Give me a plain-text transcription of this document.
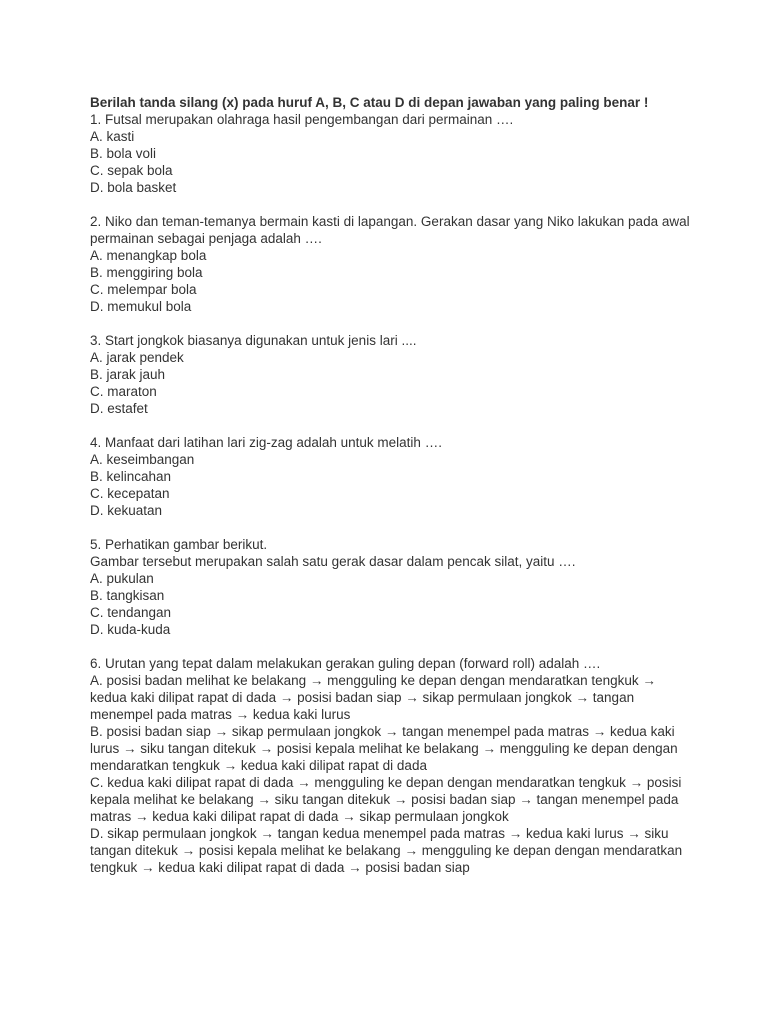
Berilah tanda silang (x) pada huruf A, B, C atau D di depan jawaban yang paling benar !

1. Futsal merupakan olahraga hasil pengembangan dari permainan ….
A. kasti
B. bola voli
C. sepak bola
D. bola basket
2. Niko dan teman-temanya bermain kasti di lapangan. Gerakan dasar yang Niko lakukan pada awal permainan sebagai penjaga adalah ….
A. menangkap bola
B. menggiring bola
C. melempar bola
D. memukul bola
3. Start jongkok biasanya digunakan untuk jenis lari ....
A. jarak pendek
B. jarak jauh
C. maraton
D. estafet
4. Manfaat dari latihan lari zig-zag adalah untuk melatih ….
A. keseimbangan
B. kelincahan
C. kecepatan
D. kekuatan
5. Perhatikan gambar berikut.
Gambar tersebut merupakan salah satu gerak dasar dalam pencak silat, yaitu ….
A. pukulan
B. tangkisan
C. tendangan
D. kuda-kuda
6. Urutan yang tepat dalam melakukan gerakan guling depan (forward roll) adalah ….
A. posisi badan melihat ke belakang → mengguling ke depan dengan mendaratkan tengkuk → kedua kaki dilipat rapat di dada → posisi badan siap → sikap permulaan jongkok → tangan menempel pada matras → kedua kaki lurus
B. posisi badan siap → sikap permulaan jongkok → tangan menempel pada matras → kedua kaki lurus → siku tangan ditekuk → posisi kepala melihat ke belakang → mengguling ke depan dengan mendaratkan tengkuk → kedua kaki dilipat rapat di dada
C. kedua kaki dilipat rapat di dada → mengguling ke depan dengan mendaratkan tengkuk → posisi kepala melihat ke belakang → siku tangan ditekuk → posisi badan siap → tangan menempel pada matras → kedua kaki dilipat rapat di dada → sikap permulaan jongkok
D. sikap permulaan jongkok → tangan kedua menempel pada matras → kedua kaki lurus → siku tangan ditekuk → posisi kepala melihat ke belakang → mengguling ke depan dengan mendaratkan tengkuk → kedua kaki dilipat rapat di dada → posisi badan siap
